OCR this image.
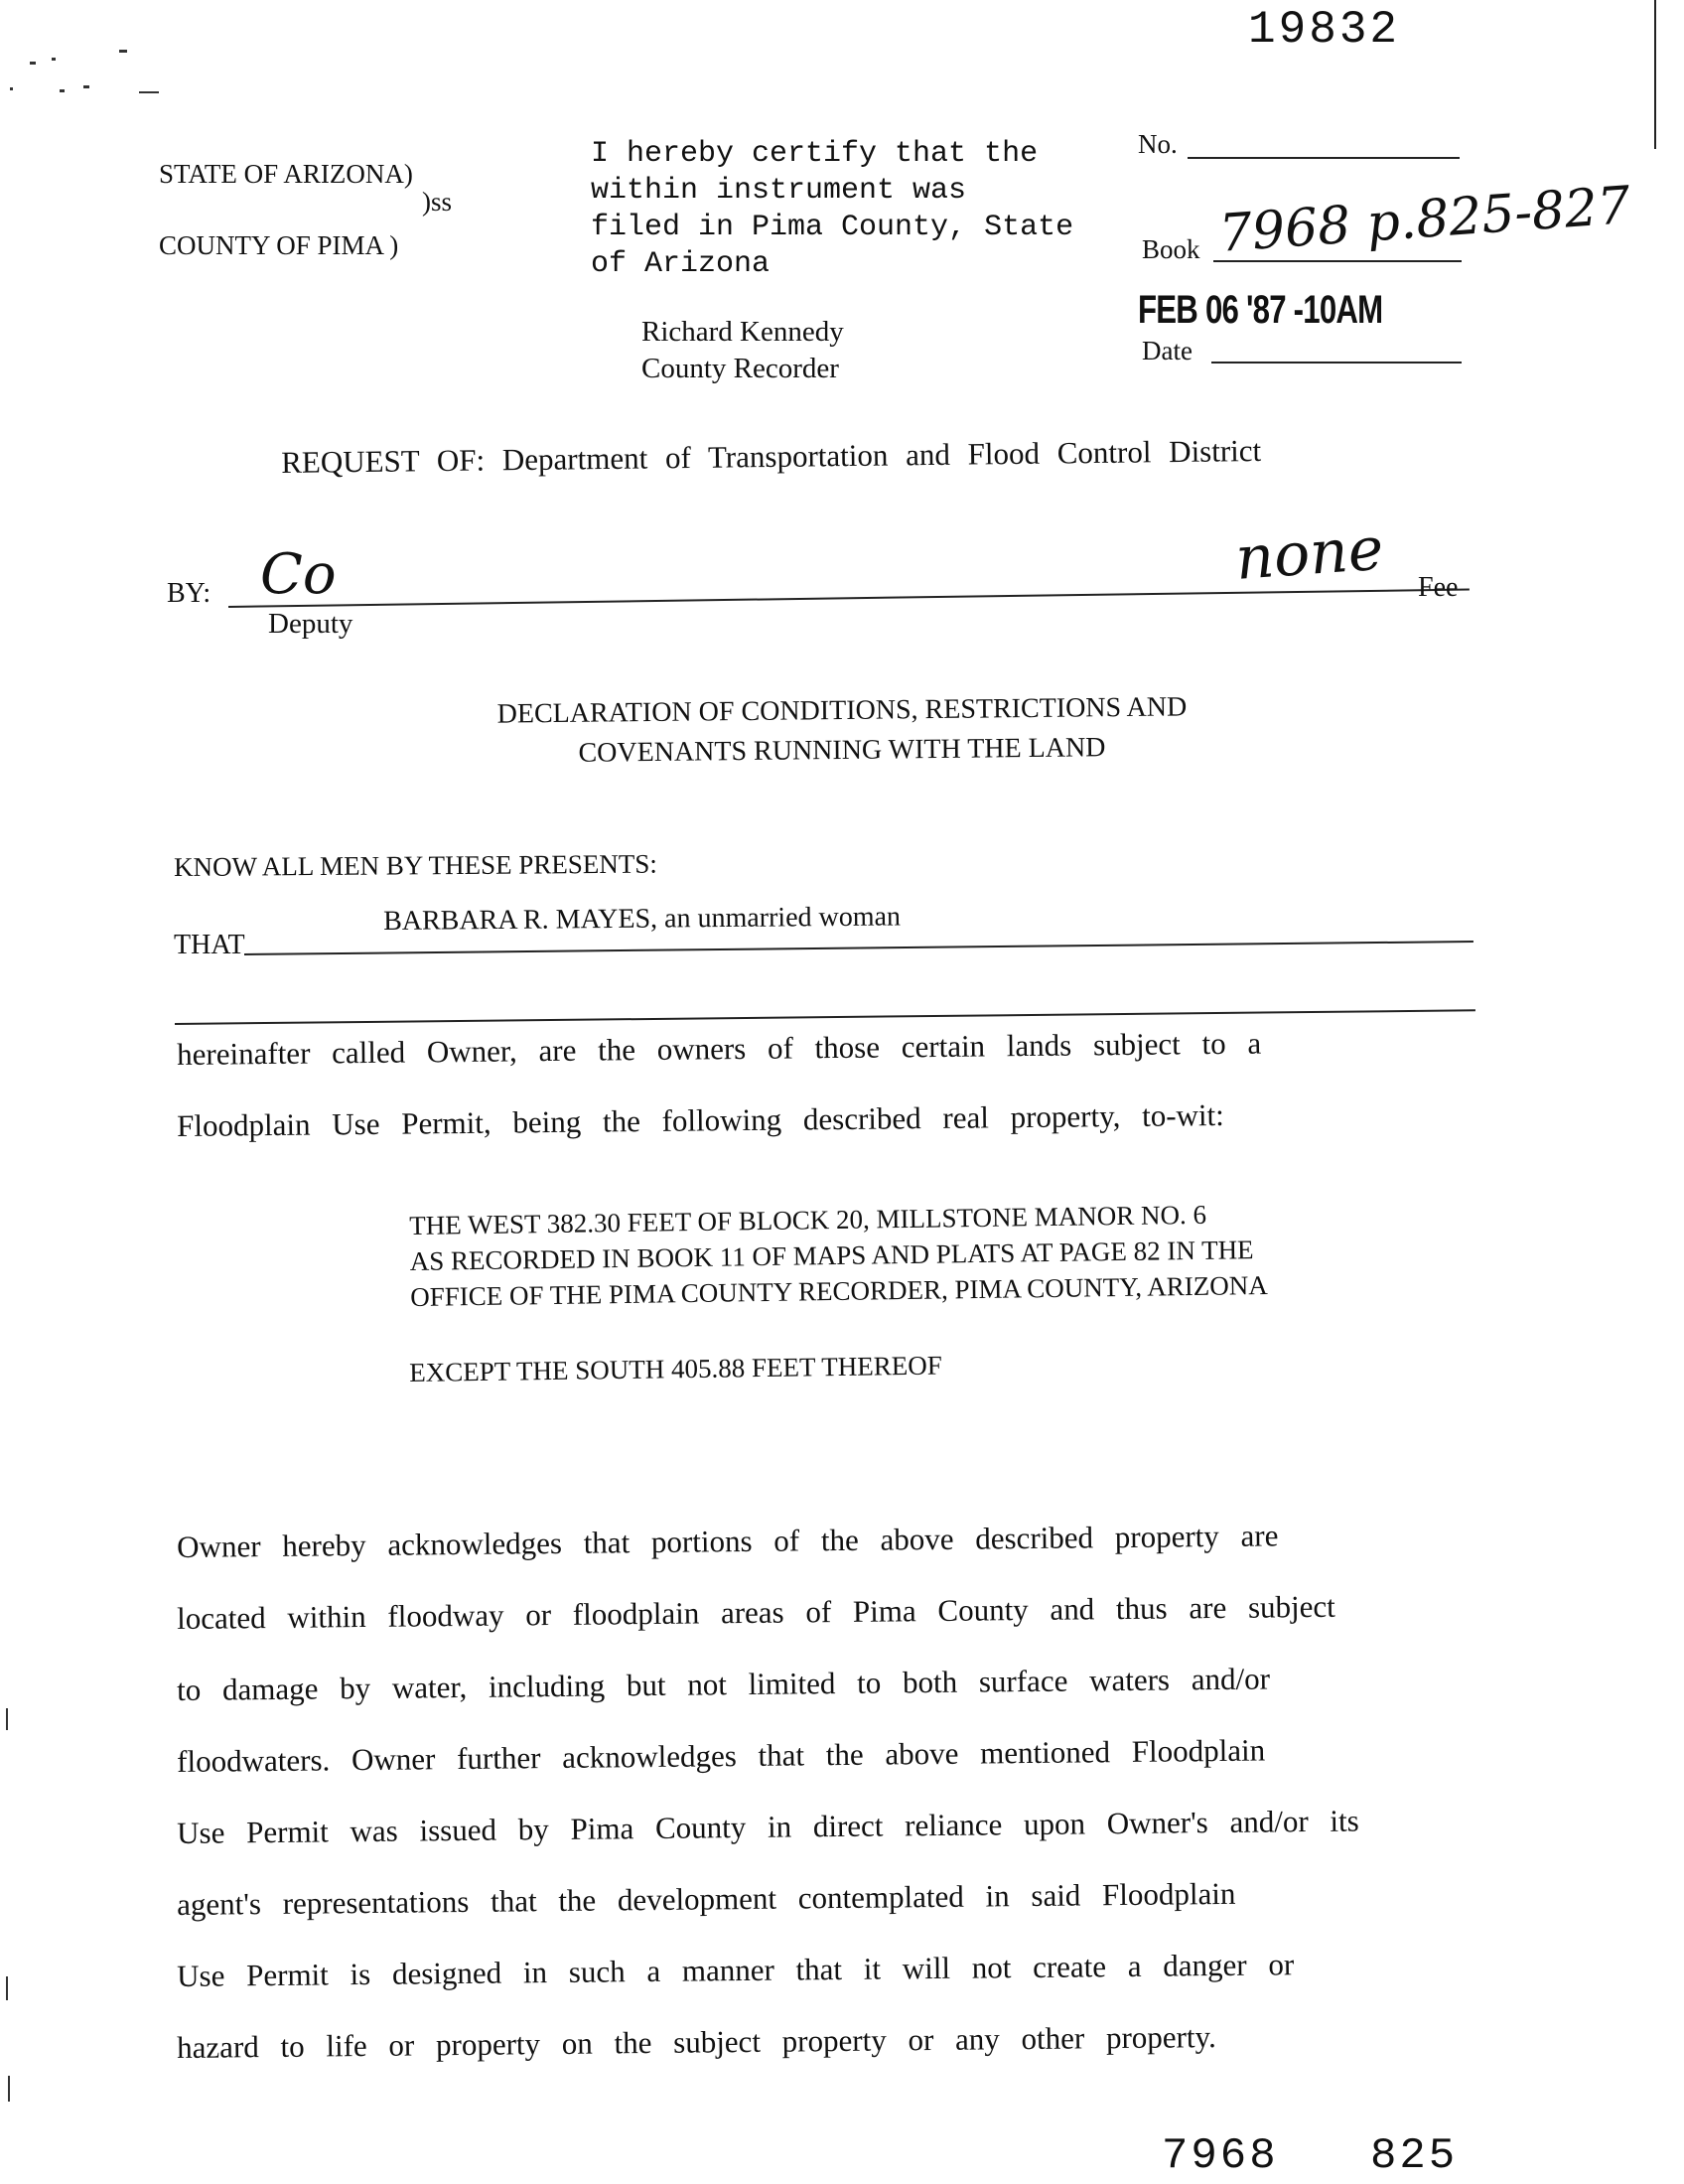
19832
STATE OF ARIZONA)
)ss
COUNTY OF PIMA )
I hereby certify that the
within instrument was
filed in Pima County, State
of Arizona
Richard Kennedy
County Recorder
No.
Book 7968 p.825-827
FEB 06 '87 -10AM
Date
REQUEST OF: Department of Transportation and Flood Control District
BY: Co
Deputy
none Fee
DECLARATION OF CONDITIONS, RESTRICTIONS AND
COVENANTS RUNNING WITH THE LAND
KNOW ALL MEN BY THESE PRESENTS:
THAT
BARBARA R. MAYES, an unmarried woman
hereinafter called Owner, are the owners of those certain lands subject to a
Floodplain Use Permit, being the following described real property, to-wit:
THE WEST 382.30 FEET OF BLOCK 20, MILLSTONE MANOR NO. 6
AS RECORDED IN BOOK 11 OF MAPS AND PLATS AT PAGE 82 IN THE
OFFICE OF THE PIMA COUNTY RECORDER, PIMA COUNTY, ARIZONA
EXCEPT THE SOUTH 405.88 FEET THEREOF
Owner hereby acknowledges that portions of the above described property are
located within floodway or floodplain areas of Pima County and thus are subject
to damage by water, including but not limited to both surface waters and/or
floodwaters. Owner further acknowledges that the above mentioned Floodplain
Use Permit was issued by Pima County in direct reliance upon Owner's and/or its
agent's representations that the development contemplated in said Floodplain
Use Permit is designed in such a manner that it will not create a danger or
hazard to life or property on the subject property or any other property.
7968 825
